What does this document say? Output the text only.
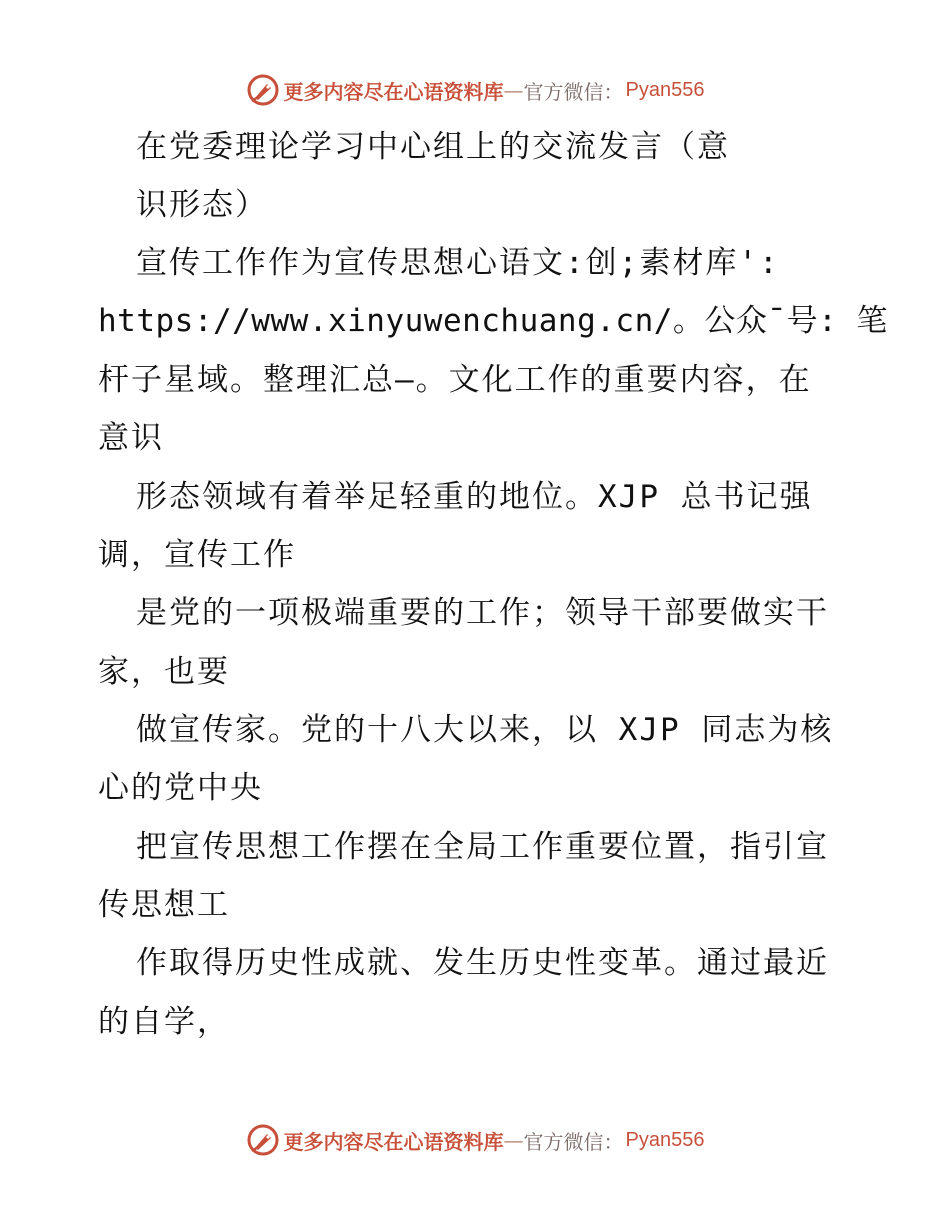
更多内容尽在心语资料库 — 官方微信： Pyan556
在党委理论学习中心组上的交流发言（意
识形态）
宣传工作作为宣传思想心语文:创;素材库':
https://www.xinyuwenchuang.cn/。公众¯号: 笔
杆子星域。整理汇总—。文化工作的重要内容，在
意识
形态领域有着举足轻重的地位。XJP 总书记强
调，宣传工作
是党的一项极端重要的工作；领导干部要做实干
家，也要
做宣传家。党的十八大以来，以 XJP 同志为核
心的党中央
把宣传思想工作摆在全局工作重要位置，指引宣
传思想工
作取得历史性成就、发生历史性变革。通过最近
的自学，
更多内容尽在心语资料库 — 官方微信： Pyan556
